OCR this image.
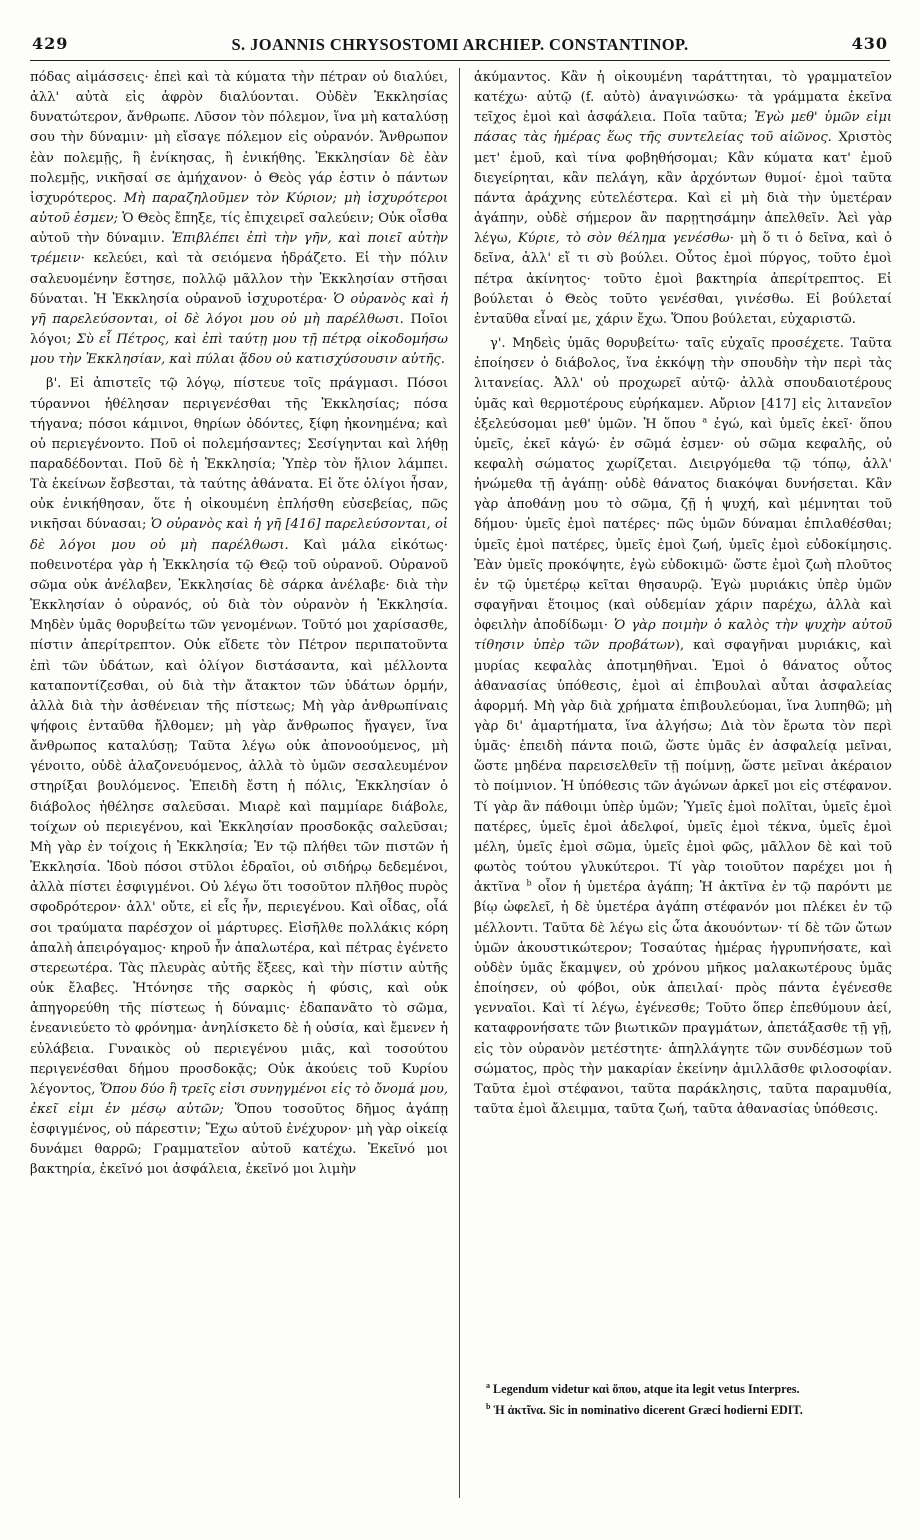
429	S. JOANNIS CHRYSOSTOMI ARCHIEP. CONSTANTINOP.	430

πόδας αἱμάσσεις· ἐπεὶ καὶ τὰ κύματα τὴν πέτραν οὐ διαλύει, ἀλλ' αὐτὰ εἰς ἀφρὸν διαλύονται. Οὐδὲν Ἐκκλησίας δυνατώτερον, ἄνθρωπε. Λῦσον τὸν πόλεμον, ἵνα μὴ καταλύσῃ σου τὴν δύναμιν· μὴ εἴσαγε πόλεμον εἰς οὐρανόν. Ἄνθρωπον ἐὰν πολεμῇς, ἢ ἐνίκησας, ἢ ἐνικήθης. Ἐκκλησίαν δὲ ἐὰν πολεμῇς, νικῆσαί σε ἀμήχανον· ὁ Θεὸς γάρ ἐστιν ὁ πάντων ἰσχυρότερος. Μὴ παραζηλοῦμεν τὸν Κύριον; μὴ ἰσχυρότεροι αὐτοῦ ἐσμεν; Ὁ Θεὸς ἔπηξε, τίς ἐπιχειρεῖ σαλεύειν; Οὐκ οἶσθα αὐτοῦ τὴν δύναμιν. Ἐπιβλέπει ἐπὶ τὴν γῆν, καὶ ποιεῖ αὐτὴν τρέμειν· κελεύει, καὶ τὰ σειόμενα ἡδράζετο. Εἰ τὴν πόλιν σαλευομένην ἔστησε, πολλῷ μᾶλλον τὴν Ἐκκλησίαν στῆσαι δύναται. Ἡ Ἐκκλησία οὐρανοῦ ἰσχυροτέρα· Ὁ οὐρανὸς καὶ ἡ γῆ παρελεύσονται, οἱ δὲ λόγοι μου οὐ μὴ παρέλθωσι. Ποῖοι λόγοι; Σὺ εἶ Πέτρος, καὶ ἐπὶ ταύτῃ μου τῇ πέτρᾳ οἰκοδομήσω μου τὴν Ἐκκλησίαν, καὶ πύλαι ᾅδου οὐ κατισχύσουσιν αὐτῆς.

β'. Εἰ ἀπιστεῖς τῷ λόγῳ, πίστευε τοῖς πράγμασι. Πόσοι τύραννοι ἠθέλησαν περιγενέσθαι τῆς Ἐκκλησίας; πόσα τήγανα; πόσοι κάμινοι, θηρίων ὀδόντες, ξίφη ἠκονημένα; καὶ οὐ περιεγένοντο. Ποῦ οἱ πολεμήσαντες; Σεσίγηνται καὶ λήθῃ παραδέδονται. Ποῦ δὲ ἡ Ἐκκλησία; Ὑπὲρ τὸν ἥλιον λάμπει. Τὰ ἐκείνων ἔσβεσται, τὰ ταύτης ἀθάνατα. Εἰ ὅτε ὀλίγοι ἦσαν, οὐκ ἐνικήθησαν, ὅτε ἡ οἰκουμένη ἐπλήσθη εὐσεβείας, πῶς νικῆσαι δύνασαι; Ὁ οὐρανὸς καὶ ἡ γῆ [416] παρελεύσονται, οἱ δὲ λόγοι μου οὐ μὴ παρέλθωσι. Καὶ μάλα εἰκότως· ποθεινοτέρα γὰρ ἡ Ἐκκλησία τῷ Θεῷ τοῦ οὐρανοῦ. Οὐρανοῦ σῶμα οὐκ ἀνέλαβεν, Ἐκκλησίας δὲ σάρκα ἀνέλαβε· διὰ τὴν Ἐκκλησίαν ὁ οὐρανός, οὐ διὰ τὸν οὐρανὸν ἡ Ἐκκλησία. Μηδὲν ὑμᾶς θορυβείτω τῶν γενομένων. Τοῦτό μοι χαρίσασθε, πίστιν ἀπερίτρεπτον. Οὐκ εἴδετε τὸν Πέτρον περιπατοῦντα ἐπὶ τῶν ὑδάτων, καὶ ὀλίγον διστάσαντα, καὶ μέλλοντα καταποντίζεσθαι, οὐ διὰ τὴν ἄτακτον τῶν ὑδάτων ὁρμήν, ἀλλὰ διὰ τὴν ἀσθένειαν τῆς πίστεως; Μὴ γὰρ ἀνθρωπίναις ψήφοις ἐνταῦθα ἤλθομεν; μὴ γὰρ ἄνθρωπος ἤγαγεν, ἵνα ἄνθρωπος καταλύσῃ; Ταῦτα λέγω οὐκ ἀπονοούμενος, μὴ γένοιτο, οὐδὲ ἀλαζονευόμενος, ἀλλὰ τὸ ὑμῶν σεσαλευμένον στηρίξαι βουλόμενος. Ἐπειδὴ ἔστη ἡ πόλις, Ἐκκλησίαν ὁ διάβολος ἠθέλησε σαλεῦσαι. Μιαρὲ καὶ παμμίαρε διάβολε, τοίχων οὐ περιεγένου, καὶ Ἐκκλησίαν προσδοκᾷς σαλεῦσαι; Μὴ γὰρ ἐν τοίχοις ἡ Ἐκκλησία; Ἐν τῷ πλήθει τῶν πιστῶν ἡ Ἐκκλησία. Ἰδοὺ πόσοι στῦλοι ἑδραῖοι, οὐ σιδήρῳ δεδεμένοι, ἀλλὰ πίστει ἐσφιγμένοι. Οὐ λέγω ὅτι τοσοῦτον πλῆθος πυρὸς σφοδρότερον· ἀλλ' οὔτε, εἰ εἷς ἦν, περιεγένου. Καὶ οἶδας, οἷά σοι τραύματα παρέσχον οἱ μάρτυρες. Εἰσῆλθε πολλάκις κόρη ἁπαλὴ ἀπειρόγαμος· κηροῦ ἦν ἁπαλωτέρα, καὶ πέτρας ἐγένετο στερεωτέρα. Τὰς πλευρὰς αὐτῆς ἔξεες, καὶ τὴν πίστιν αὐτῆς οὐκ ἔλαβες. Ἠτόνησε τῆς σαρκὸς ἡ φύσις, καὶ οὐκ ἀπηγορεύθη τῆς πίστεως ἡ δύναμις· ἐδαπανᾶτο τὸ σῶμα, ἐνεανιεύετο τὸ φρόνημα· ἀνηλίσκετο δὲ ἡ οὐσία, καὶ ἔμενεν ἡ εὐλάβεια. Γυναικὸς οὐ περιεγένου μιᾶς, καὶ τοσούτου περιγενέσθαι δήμου προσδοκᾷς; Οὐκ ἀκούεις τοῦ Κυρίου λέγοντος, Ὅπου δύο ἢ τρεῖς εἰσι συνηγμένοι εἰς τὸ ὄνομά μου, ἐκεῖ εἰμι ἐν μέσῳ αὐτῶν; Ὅπου τοσοῦτος δῆμος ἀγάπῃ ἐσφιγμένος, οὐ πάρεστιν; Ἔχω αὐτοῦ ἐνέχυρον· μὴ γὰρ οἰκείᾳ δυνάμει θαρρῶ; Γραμματεῖον αὐτοῦ κατέχω. Ἐκεῖνό μοι βακτηρία, ἐκεῖνό μοι ἀσφάλεια, ἐκεῖνό μοι λιμὴν

ἀκύμαντος. Κἂν ἡ οἰκουμένη ταράττηται, τὸ γραμματεῖον κατέχω· αὐτῷ (f. αὐτὸ) ἀναγινώσκω· τὰ γράμματα ἐκεῖνα τεῖχος ἐμοὶ καὶ ἀσφάλεια. Ποῖα ταῦτα; Ἐγὼ μεθ' ὑμῶν εἰμι πάσας τὰς ἡμέρας ἕως τῆς συντελείας τοῦ αἰῶνος. Χριστὸς μετ' ἐμοῦ, καὶ τίνα φοβηθήσομαι; Κἂν κύματα κατ' ἐμοῦ διεγείρηται, κἂν πελάγη, κἂν ἀρχόντων θυμοί· ἐμοὶ ταῦτα πάντα ἀράχνης εὐτελέστερα. Καὶ εἰ μὴ διὰ τὴν ὑμετέραν ἀγάπην, οὐδὲ σήμερον ἂν παρῃτησάμην ἀπελθεῖν. Ἀεὶ γὰρ λέγω, Κύριε, τὸ σὸν θέλημα γενέσθω· μὴ ὅ τι ὁ δεῖνα, καὶ ὁ δεῖνα, ἀλλ' εἴ τι σὺ βούλει. Οὗτος ἐμοὶ πύργος, τοῦτο ἐμοὶ πέτρα ἀκίνητος· τοῦτο ἐμοὶ βακτηρία ἀπερίτρεπτος. Εἰ βούλεται ὁ Θεὸς τοῦτο γενέσθαι, γινέσθω. Εἰ βούλεταί ἐνταῦθα εἶναί με, χάριν ἔχω. Ὅπου βούλεται, εὐχαριστῶ.

γ'. Μηδεὶς ὑμᾶς θορυβείτω· ταῖς εὐχαῖς προσέχετε. Ταῦτα ἐποίησεν ὁ διάβολος, ἵνα ἐκκόψῃ τὴν σπουδὴν τὴν περὶ τὰς λιτανείας. Ἀλλ' οὐ προχωρεῖ αὐτῷ· ἀλλὰ σπουδαιοτέρους ὑμᾶς καὶ θερμοτέρους εὑρήκαμεν. Αὔριον [417] εἰς λιτανεῖον ἐξελεύσομαι μεθ' ὑμῶν. Ἡ ὅπου $^a$ ἐγώ, καὶ ὑμεῖς ἐκεῖ· ὅπου ὑμεῖς, ἐκεῖ κἀγώ· ἐν σῶμά ἐσμεν· οὐ σῶμα κεφαλῆς, οὐ κεφαλὴ σώματος χωρίζεται. Διειργόμεθα τῷ τόπῳ, ἀλλ' ἡνώμεθα τῇ ἀγάπῃ· οὐδὲ θάνατος διακόψαι δυνήσεται. Κἂν γὰρ ἀποθάνῃ μου τὸ σῶμα, ζῇ ἡ ψυχή, καὶ μέμνηται τοῦ δήμου· ὑμεῖς ἐμοὶ πατέρες· πῶς ὑμῶν δύναμαι ἐπιλαθέσθαι; ὑμεῖς ἐμοὶ πατέρες, ὑμεῖς ἐμοὶ ζωή, ὑμεῖς ἐμοὶ εὐδοκίμησις. Ἐὰν ὑμεῖς προκόψητε, ἐγὼ εὐδοκιμῶ· ὥστε ἐμοὶ ζωὴ πλοῦτος ἐν τῷ ὑμετέρῳ κεῖται θησαυρῷ. Ἐγὼ μυριάκις ὑπὲρ ὑμῶν σφαγῆναι ἕτοιμος (καὶ οὐδεμίαν χάριν παρέχω, ἀλλὰ καὶ ὀφειλὴν ἀποδίδωμι· Ὁ γὰρ ποιμὴν ὁ καλὸς τὴν ψυχὴν αὐτοῦ τίθησιν ὑπὲρ τῶν προβάτων), καὶ σφαγῆναι μυριάκις, καὶ μυρίας κεφαλὰς ἀποτμηθῆναι. Ἐμοὶ ὁ θάνατος οὗτος ἀθανασίας ὑπόθεσις, ἐμοὶ αἱ ἐπιβουλαὶ αὗται ἀσφαλείας ἀφορμή. Μὴ γὰρ διὰ χρήματα ἐπιβουλεύομαι, ἵνα λυπηθῶ; μὴ γὰρ δι' ἁμαρτήματα, ἵνα ἀλγήσω; Διὰ τὸν ἔρωτα τὸν περὶ ὑμᾶς· ἐπειδὴ πάντα ποιῶ, ὥστε ὑμᾶς ἐν ἀσφαλείᾳ μεῖναι, ὥστε μηδένα παρεισελθεῖν τῇ ποίμνῃ, ὥστε μεῖναι ἀκέραιον τὸ ποίμνιον. Ἡ ὑπόθεσις τῶν ἀγώνων ἀρκεῖ μοι εἰς στέφανον. Τί γὰρ ἂν πάθοιμι ὑπὲρ ὑμῶν; Ὑμεῖς ἐμοὶ πολῖται, ὑμεῖς ἐμοὶ πατέρες, ὑμεῖς ἐμοὶ ἀδελφοί, ὑμεῖς ἐμοὶ τέκνα, ὑμεῖς ἐμοὶ μέλη, ὑμεῖς ἐμοὶ σῶμα, ὑμεῖς ἐμοὶ φῶς, μᾶλλον δὲ καὶ τοῦ φωτὸς τούτου γλυκύτεροι. Τί γὰρ τοιοῦτον παρέχει μοι ἡ ἀκτῖνα $^b$ οἷον ἡ ὑμετέρα ἀγάπη; Ἡ ἀκτῖνα ἐν τῷ παρόντι με βίῳ ὠφελεῖ, ἡ δὲ ὑμετέρα ἀγάπη στέφανόν μοι πλέκει ἐν τῷ μέλλοντι. Ταῦτα δὲ λέγω εἰς ὦτα ἀκουόντων· τί δὲ τῶν ὤτων ὑμῶν ἀκουστικώτερον; Τοσαύτας ἡμέρας ἠγρυπνήσατε, καὶ οὐδὲν ὑμᾶς ἔκαμψεν, οὐ χρόνου μῆκος μαλακωτέρους ὑμᾶς ἐποίησεν, οὐ φόβοι, οὐκ ἀπειλαί· πρὸς πάντα ἐγένεσθε γενναῖοι. Καὶ τί λέγω, ἐγένεσθε; Τοῦτο ὅπερ ἐπεθύμουν ἀεί, καταφρονήσατε τῶν βιωτικῶν πραγμάτων, ἀπετάξασθε τῇ γῇ, εἰς τὸν οὐρανὸν μετέστητε· ἀπηλλάγητε τῶν συνδέσμων τοῦ σώματος, πρὸς τὴν μακαρίαν ἐκείνην ἁμιλλᾶσθε φιλοσοφίαν. Ταῦτα ἐμοὶ στέφανοι, ταῦτα παράκλησις, ταῦτα παραμυθία, ταῦτα ἐμοὶ ἄλειμμα, ταῦτα ζωή, ταῦτα ἀθανασίας ὑπόθεσις.

$^a$ Legendum videtur καὶ ὅπου, atque ita legit vetus Interpres.

$^b$ Ἡ ἀκτῖνα. Sic in nominativo dicerent Græci hodierni EDIT.
